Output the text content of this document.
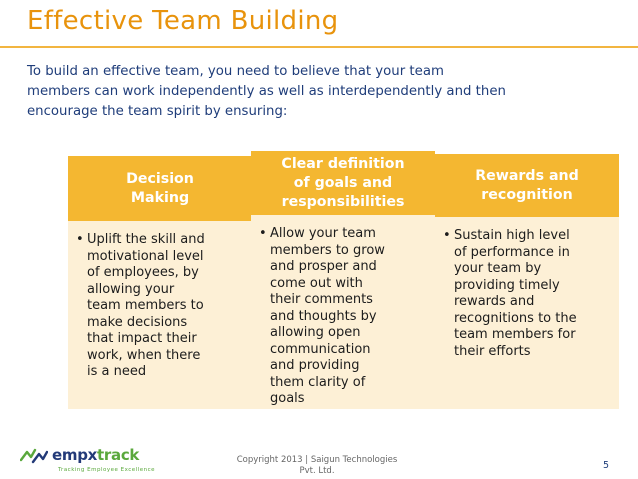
Effective Team Building
To build an effective team, you need to believe that your team
members can work independently as well as interdependently and then
encourage the team spirit by ensuring:
Decision
Making
• Uplift the skill and
motivational level
of employees, by
allowing your
team members to
make decisions
that impact their
work, when there
is a need
Clear definition
of goals and
responsibilities
• Allow your team
members to grow
and prosper and
come out with
their comments
and thoughts by
allowing open
communication
and providing
them clarity of
goals
Rewards and
recognition
• Sustain high level
of performance in
your team by
providing timely
rewards and
recognitions to the
team members for
their efforts
empxtrack
Tracking Employee Excellence
Copyright 2013 | Saigun Technologies
Pvt. Ltd.	5
